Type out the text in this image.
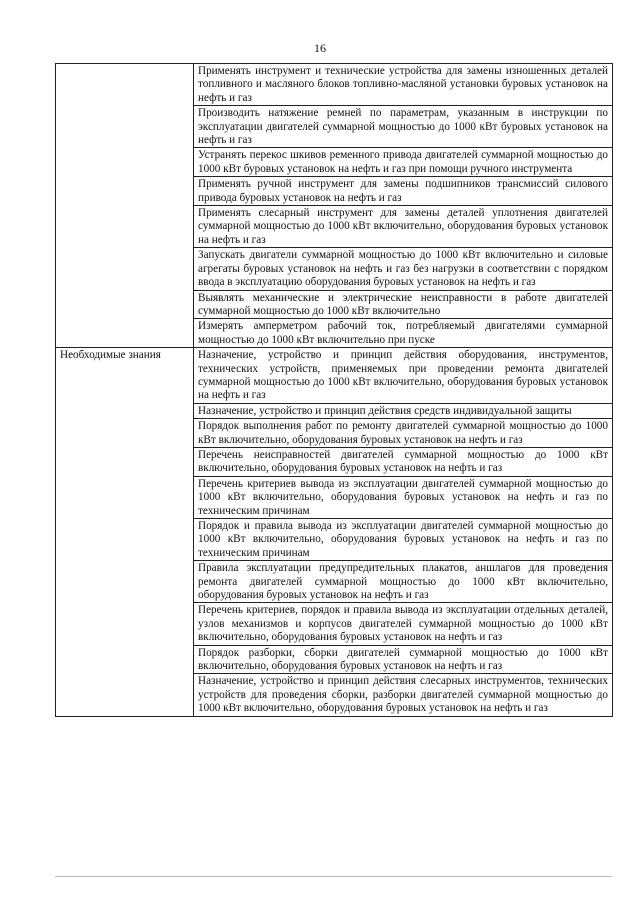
16

	Применять инструмент и технические устройства для замены изношенных деталей топливного и масляного блоков топливно-масляной установки буровых установок на нефть и газ

	Производить натяжение ремней по параметрам, указанным в инструкции по эксплуатации двигателей суммарной мощностью до 1000 кВт буровых установок на нефть и газ

	Устранять перекос шкивов ременного привода двигателей суммарной мощностью до 1000 кВт буровых установок на нефть и газ при помощи ручного инструмента

	Применять ручной инструмент для замены подшипников трансмиссий силового привода буровых установок на нефть и газ

	Применять слесарный инструмент для замены деталей уплотнения двигателей суммарной мощностью до 1000 кВт включительно, оборудования буровых установок на нефть и газ

	Запускать двигатели суммарной мощностью до 1000 кВт включительно и силовые агрегаты буровых установок на нефть и газ без нагрузки в соответствии с порядком ввода в эксплуатацию оборудования буровых установок на нефть и газ

	Выявлять механические и электрические неисправности в работе двигателей суммарной мощностью до 1000 кВт включительно

	Измерять амперметром рабочий ток, потребляемый двигателями суммарной мощностью до 1000 кВт включительно при пуске

Необходимые знания	Назначение, устройство и принцип действия оборудования, инструментов, технических устройств, применяемых при проведении ремонта двигателей суммарной мощностью до 1000 кВт включительно, оборудования буровых установок на нефть и газ

	Назначение, устройство и принцип действия средств индивидуальной защиты

	Порядок выполнения работ по ремонту двигателей суммарной мощностью до 1000 кВт включительно, оборудования буровых установок на нефть и газ

	Перечень неисправностей двигателей суммарной мощностью до 1000 кВт включительно, оборудования буровых установок на нефть и газ

	Перечень критериев вывода из эксплуатации двигателей суммарной мощностью до 1000 кВт включительно, оборудования буровых установок на нефть и газ по техническим причинам

	Порядок и правила вывода из эксплуатации двигателей суммарной мощностью до 1000 кВт включительно, оборудования буровых установок на нефть и газ по техническим причинам

	Правила эксплуатации предупредительных плакатов, аншлагов для проведения ремонта двигателей суммарной мощностью до 1000 кВт включительно, оборудования буровых установок на нефть и газ

	Перечень критериев, порядок и правила вывода из эксплуатации отдельных деталей, узлов механизмов и корпусов двигателей суммарной мощностью до 1000 кВт включительно, оборудования буровых установок на нефть и газ

	Порядок разборки, сборки двигателей суммарной мощностью до 1000 кВт включительно, оборудования буровых установок на нефть и газ

	Назначение, устройство и принцип действия слесарных инструментов, технических устройств для проведения сборки, разборки двигателей суммарной мощностью до 1000 кВт включительно, оборудования буровых установок на нефть и газ
